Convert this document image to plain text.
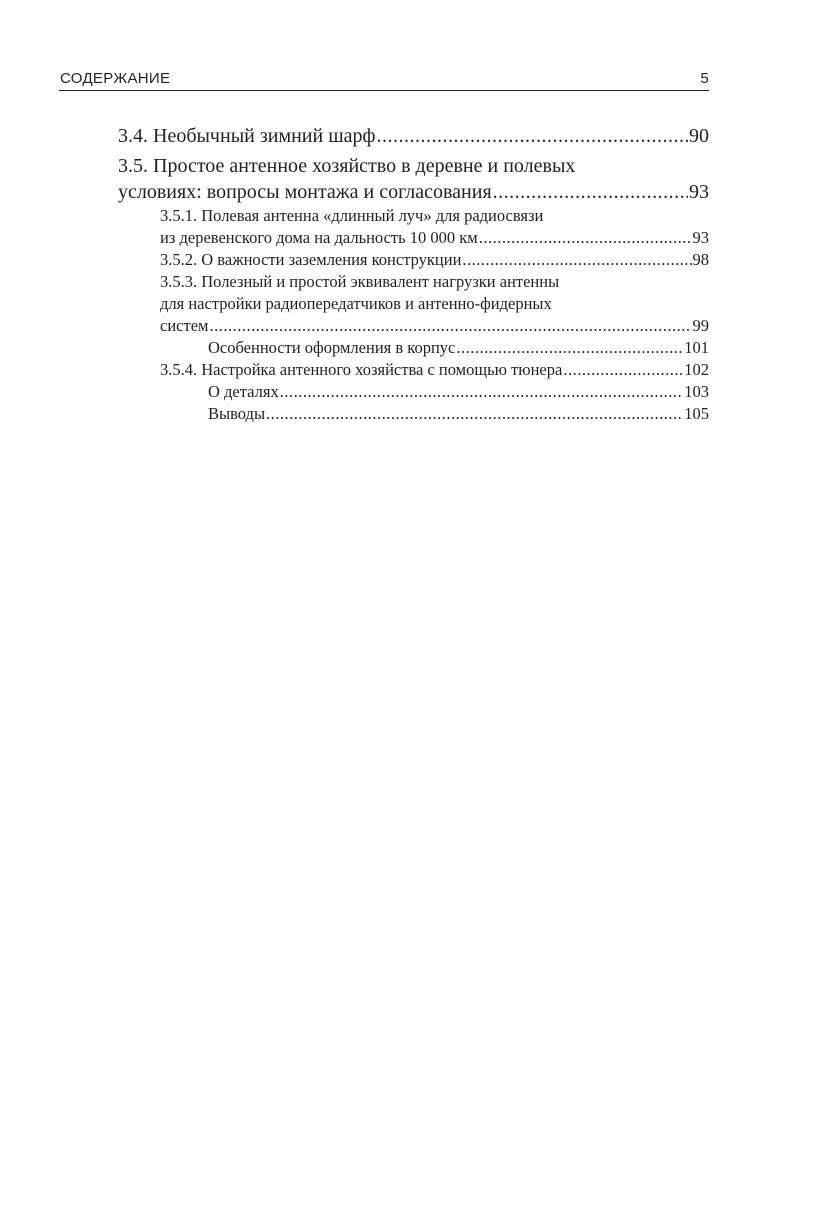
СОДЕРЖАНИЕ	5
3.4. Необычный зимний шарф .....	90
3.5. Простое антенное хозяйство в деревне и полевых
условиях: вопросы монтажа и согласования .....	93
3.5.1. Полевая антенна «длинный луч» для радиосвязи
из деревенского дома на дальность 10 000 км .....	93
3.5.2. О важности заземления конструкции .....	98
3.5.3. Полезный и простой эквивалент нагрузки антенны
для настройки радиопередатчиков и антенно-фидерных
систем .....	99
Особенности оформления в корпус .....	101
3.5.4. Настройка антенного хозяйства с помощью тюнера .....	102
О деталях .....	103
Выводы .....	105
